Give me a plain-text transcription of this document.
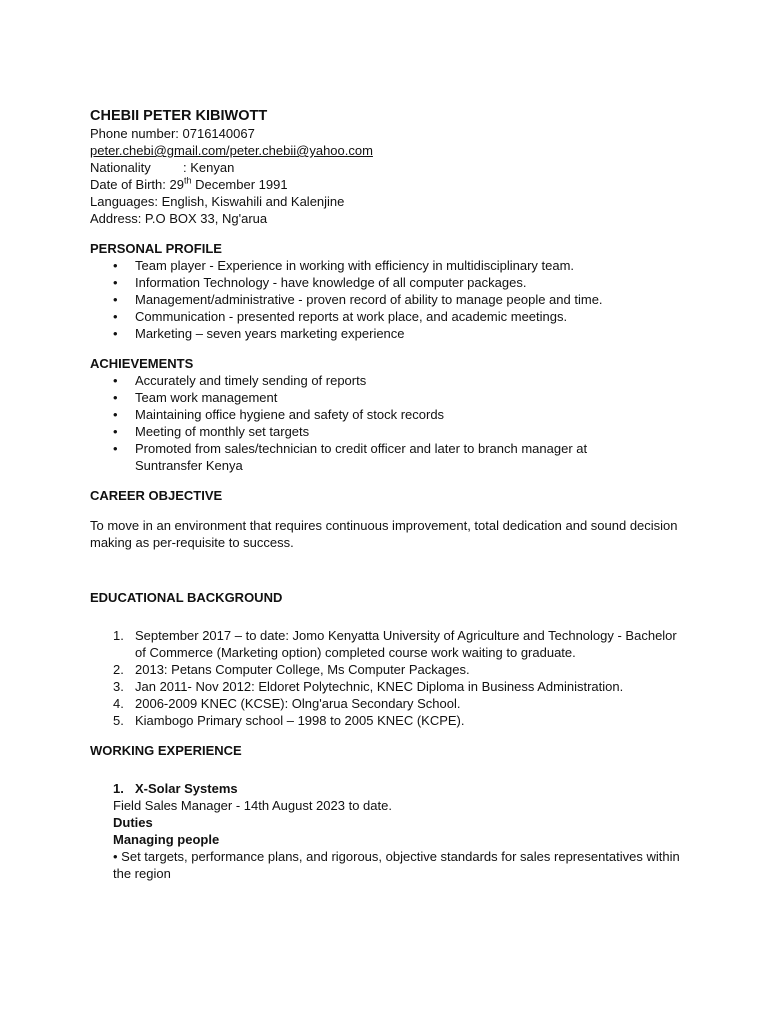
CHEBII PETER KIBIWOTT
Phone number: 0716140067
peter.chebi@gmail.com/peter.chebii@yahoo.com
Nationality : Kenyan
Date of Birth: 29th December 1991
Languages: English, Kiswahili and Kalenjine
Address: P.O BOX 33, Ng'arua
PERSONAL PROFILE
• Team player - Experience in working with efficiency in multidisciplinary team.
• Information Technology - have knowledge of all computer packages.
• Management/administrative - proven record of ability to manage people and time.
• Communication - presented reports at work place, and academic meetings.
• Marketing – seven years marketing experience
ACHIEVEMENTS
• Accurately and timely sending of reports
• Team work management
• Maintaining office hygiene and safety of stock records
• Meeting of monthly set targets
• Promoted from sales/technician to credit officer and later to branch manager at Suntransfer Kenya
CAREER OBJECTIVE
To move in an environment that requires continuous improvement, total dedication and sound decision making as per-requisite to success.
EDUCATIONAL BACKGROUND
1. September 2017 – to date: Jomo Kenyatta University of Agriculture and Technology - Bachelor of Commerce (Marketing option) completed course work waiting to graduate.
2. 2013: Petans Computer College, Ms Computer Packages.
3. Jan 2011- Nov 2012: Eldoret Polytechnic, KNEC Diploma in Business Administration.
4. 2006-2009 KNEC (KCSE): Olng'arua Secondary School.
5. Kiambogo Primary school – 1998 to 2005 KNEC (KCPE).
WORKING EXPERIENCE
1. X-Solar Systems
Field Sales Manager - 14th August 2023 to date.
Duties
Managing people
• Set targets, performance plans, and rigorous, objective standards for sales representatives within the region
